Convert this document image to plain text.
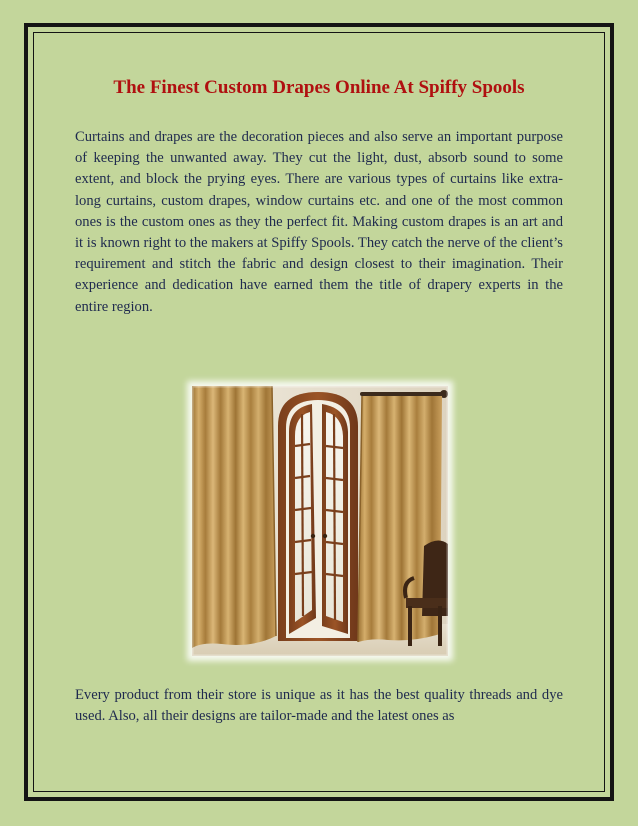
The Finest Custom Drapes Online At Spiffy Spools

Curtains and drapes are the decoration pieces and also serve an important purpose of keeping the unwanted away. They cut the light, dust, absorb sound to some extent, and block the prying eyes. There are various types of curtains like extra-long curtains, custom drapes, window curtains etc. and one of the most common ones is the custom ones as they the perfect fit. Making custom drapes is an art and it is known right to the makers at Spiffy Spools. They catch the nerve of the client’s requirement and stitch the fabric and design closest to their imagination. Their experience and dedication have earned them the title of drapery experts in the entire region.

Every product from their store is unique as it has the best quality threads and dye used. Also, all their designs are tailor-made and the latest ones as
